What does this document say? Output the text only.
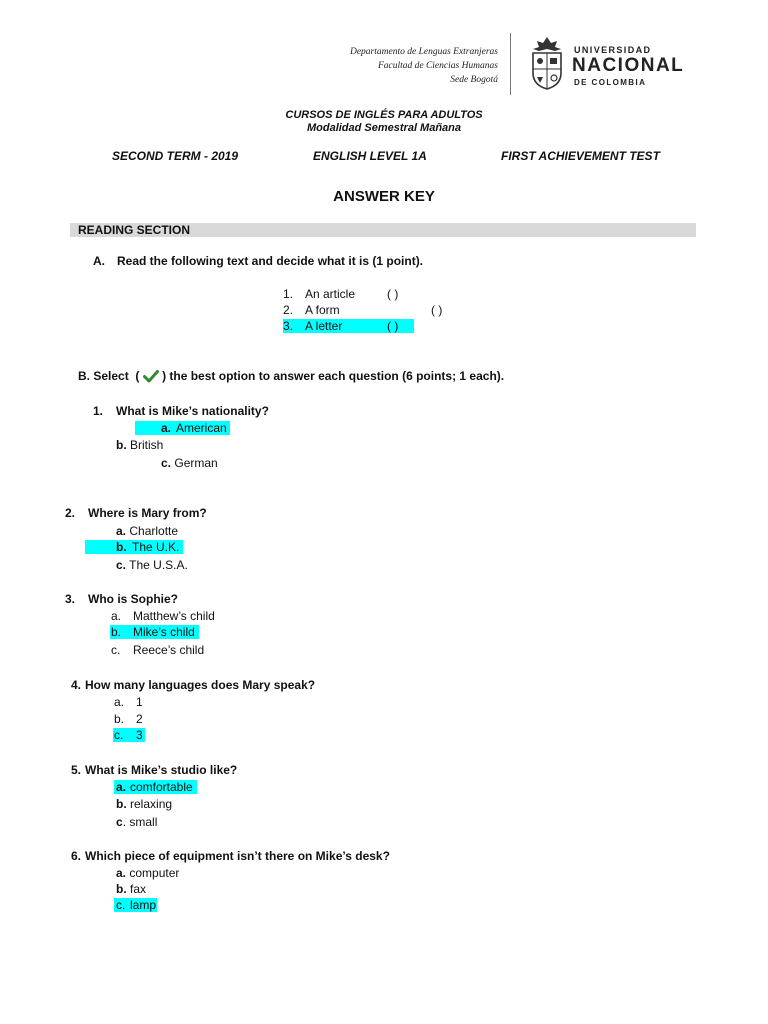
Departamento de Lenguas Extranjeras
Facultad de Ciencias Humanas
Sede Bogotá
UNIVERSIDAD
NACIONAL
DE COLOMBIA
CURSOS DE INGLÉS PARA ADULTOS
Modalidad Semestral Mañana
SECOND TERM - 2019	ENGLISH LEVEL 1A	FIRST ACHIEVEMENT TEST
ANSWER KEY
READING SECTION
A. Read the following text and decide what it is (1 point).
1. An article	( )
2. A form	( )
3. A letter	( )
B. Select ( ) the best option to answer each question (6 points; 1 each).
1. What is Mike’s nationality?
a. American
b. British
c. German
2. Where is Mary from?
a. Charlotte
b. The U.K.
c. The U.S.A.
3. Who is Sophie?
a. Matthew’s child
b. Mike’s child
c. Reece’s child
4. How many languages does Mary speak?
a. 1
b. 2
c. 3
5. What is Mike’s studio like?
a. comfortable
b. relaxing
c. small
6. Which piece of equipment isn’t there on Mike’s desk?
a. computer
b. fax
c. lamp
